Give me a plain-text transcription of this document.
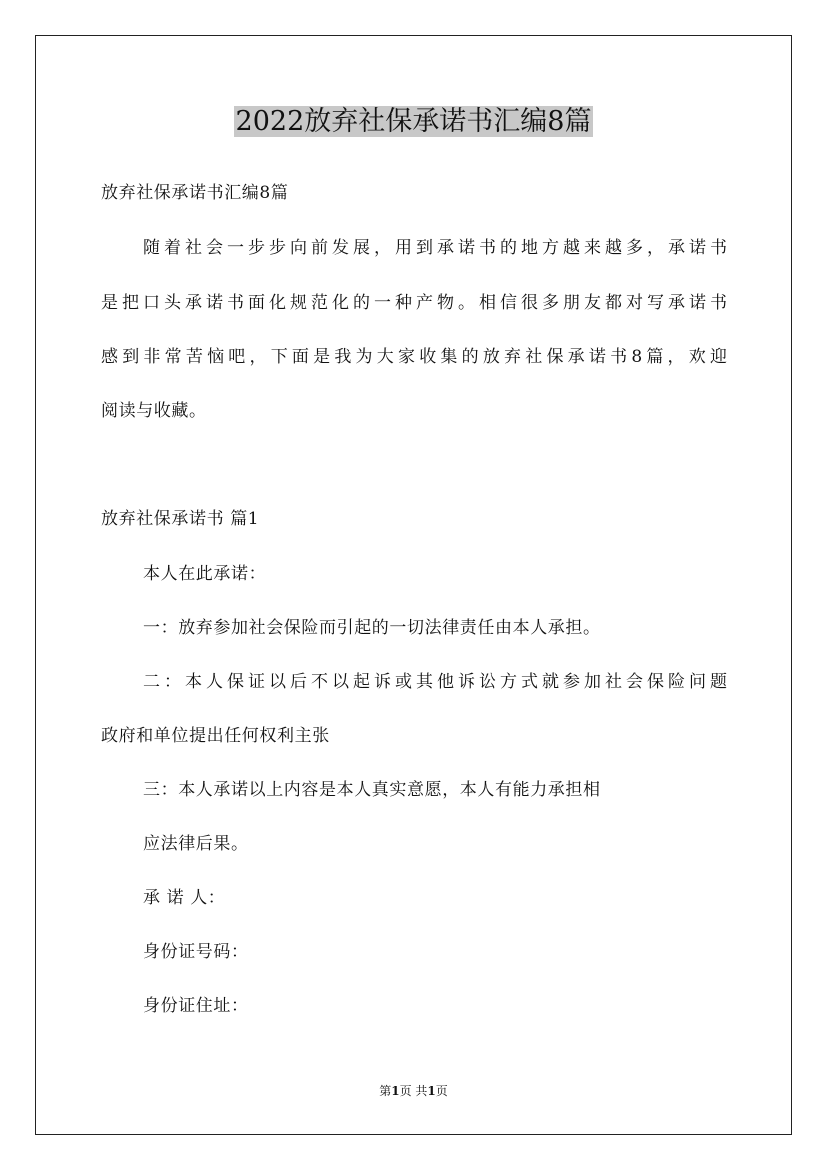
2022放弃社保承诺书汇编8篇
放弃社保承诺书汇编8篇
随着社会一步步向前发展，用到承诺书的地方越来越多，承诺书
是把口头承诺书面化规范化的一种产物。相信很多朋友都对写承诺书
感到非常苦恼吧，下面是我为大家收集的放弃社保承诺书8篇，欢迎
阅读与收藏。
放弃社保承诺书 篇1
本人在此承诺：
一：放弃参加社会保险而引起的一切法律责任由本人承担。
二：本人保证以后不以起诉或其他诉讼方式就参加社会保险问题
政府和单位提出任何权利主张
三：本人承诺以上内容是本人真实意愿，本人有能力承担相
应法律后果。
承 诺 人：
身份证号码：
身份证住址：
第1页 共1页
